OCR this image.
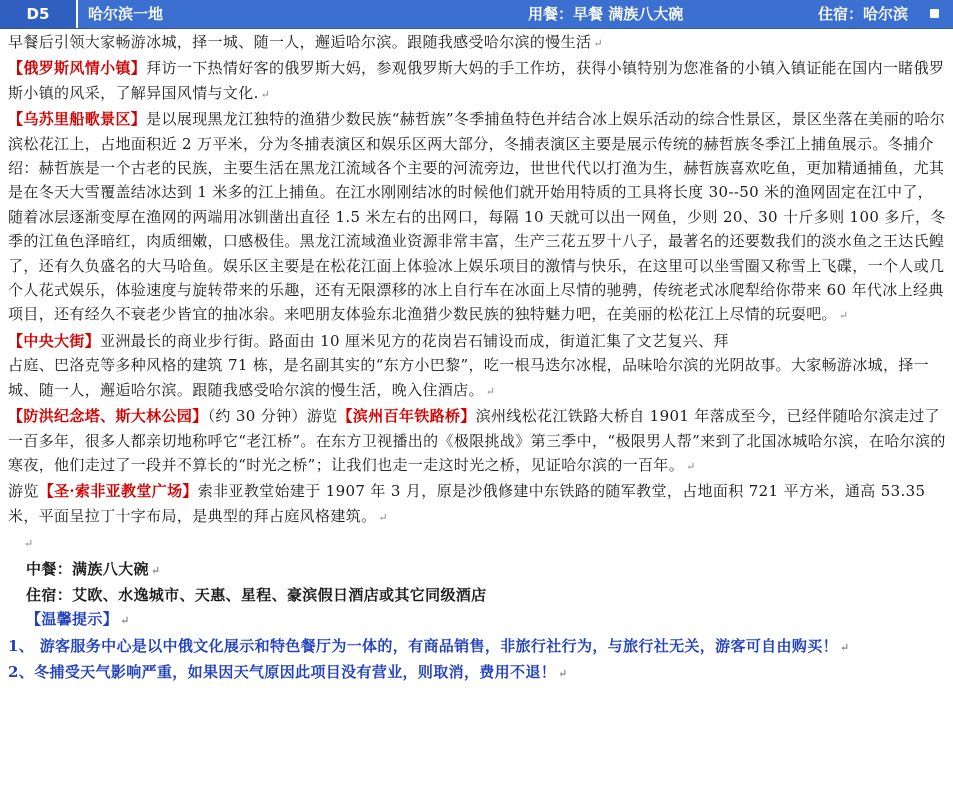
D5	哈尔滨一地	用餐：早餐 满族八大碗	住宿：哈尔滨

早餐后引领大家畅游冰城，择一城、随一人，邂逅哈尔滨。跟随我感受哈尔滨的慢生活 ↵

【俄罗斯风情小镇】拜访一下热情好客的俄罗斯大妈，参观俄罗斯大妈的手工作坊，获得小镇特别为您准备的小镇入镇证能在国内一睹俄罗斯小镇的风采，了解异国风情与文化. ↵

【乌苏里船歌景区】是以展现黑龙江独特的渔猎少数民族“赫哲族”冬季捕鱼特色并结合冰上娱乐活动的综合性景区，景区坐落在美丽的哈尔滨松花江上，占地面积近 2 万平米，分为冬捕表演区和娱乐区两大部分，冬捕表演区主要是展示传统的赫哲族冬季江上捕鱼展示。冬捕介绍：赫哲族是一个古老的民族，主要生活在黑龙江流域各个主要的河流旁边，世世代代以打渔为生，赫哲族喜欢吃鱼，更加精通捕鱼，尤其是在冬天大雪覆盖结冰达到 1 米多的江上捕鱼。在江水刚刚结冰的时候他们就开始用特质的工具将长度 30--50 米的渔网固定在江中了，随着冰层逐渐变厚在渔网的两端用冰钏凿出直径 1.5 米左右的出网口，每隔 10 天就可以出一网鱼，少则 20、30 十斤多则 100 多斤，冬季的江鱼色泽暗红，肉质细嫩，口感极佳。黑龙江流域渔业资源非常丰富，生产三花五罗十八子，最著名的还要数我们的淡水鱼之王达氏鳇了，还有久负盛名的大马哈鱼。娱乐区主要是在松花江面上体验冰上娱乐项目的激情与快乐，在这里可以坐雪圈又称雪上飞碟，一个人或几个人花式娱乐，体验速度与旋转带来的乐趣，还有无限漂移的冰上自行车在冰面上尽情的驰骋，传统老式冰爬犁给你带来 60 年代冰上经典项目，还有经久不衰老少皆宜的抽冰尜。来吧朋友体验东北渔猎少数民族的独特魅力吧，在美丽的松花江上尽情的玩耍吧。 ↵

【中央大街】亚洲最长的商业步行街。路面由 10 厘米见方的花岗岩石铺设而成，街道汇集了文艺复兴、拜

占庭、巴洛克等多种风格的建筑 71 栋，是名副其实的“东方小巴黎”，吃一根马迭尔冰棍，品味哈尔滨的光阴故事。大家畅游冰城，择一城、随一人，邂逅哈尔滨。跟随我感受哈尔滨的慢生活，晚入住酒店。 ↵

【防洪纪念塔、斯大林公园】（约 30 分钟）游览【滨州百年铁路桥】滨州线松花江铁路大桥自 1901 年落成至今，已经伴随哈尔滨走过了一百多年，很多人都亲切地称呼它“老江桥”。在东方卫视播出的《极限挑战》第三季中，“极限男人帮”来到了北国冰城哈尔滨，在哈尔滨的寒夜，他们走过了一段并不算长的“时光之桥”；让我们也走一走这时光之桥，见证哈尔滨的一百年。 ↵

游览【圣·索非亚教堂广场】索非亚教堂始建于 1907 年 3 月，原是沙俄修建中东铁路的随军教堂，占地面积 721 平方米，通高 53.35 米，平面呈拉丁十字布局，是典型的拜占庭风格建筑。 ↵

↵

中餐：满族八大碗 ↵

住宿：艾欧、水逸城市、天惠、星程、豪滨假日酒店或其它同级酒店

【温馨提示】 ↵

1、 游客服务中心是以中俄文化展示和特色餐厅为一体的，有商品销售，非旅行社行为，与旅行社无关，游客可自由购买！ ↵

2、冬捕受天气影响严重，如果因天气原因此项目没有营业，则取消，费用不退！ ↵
